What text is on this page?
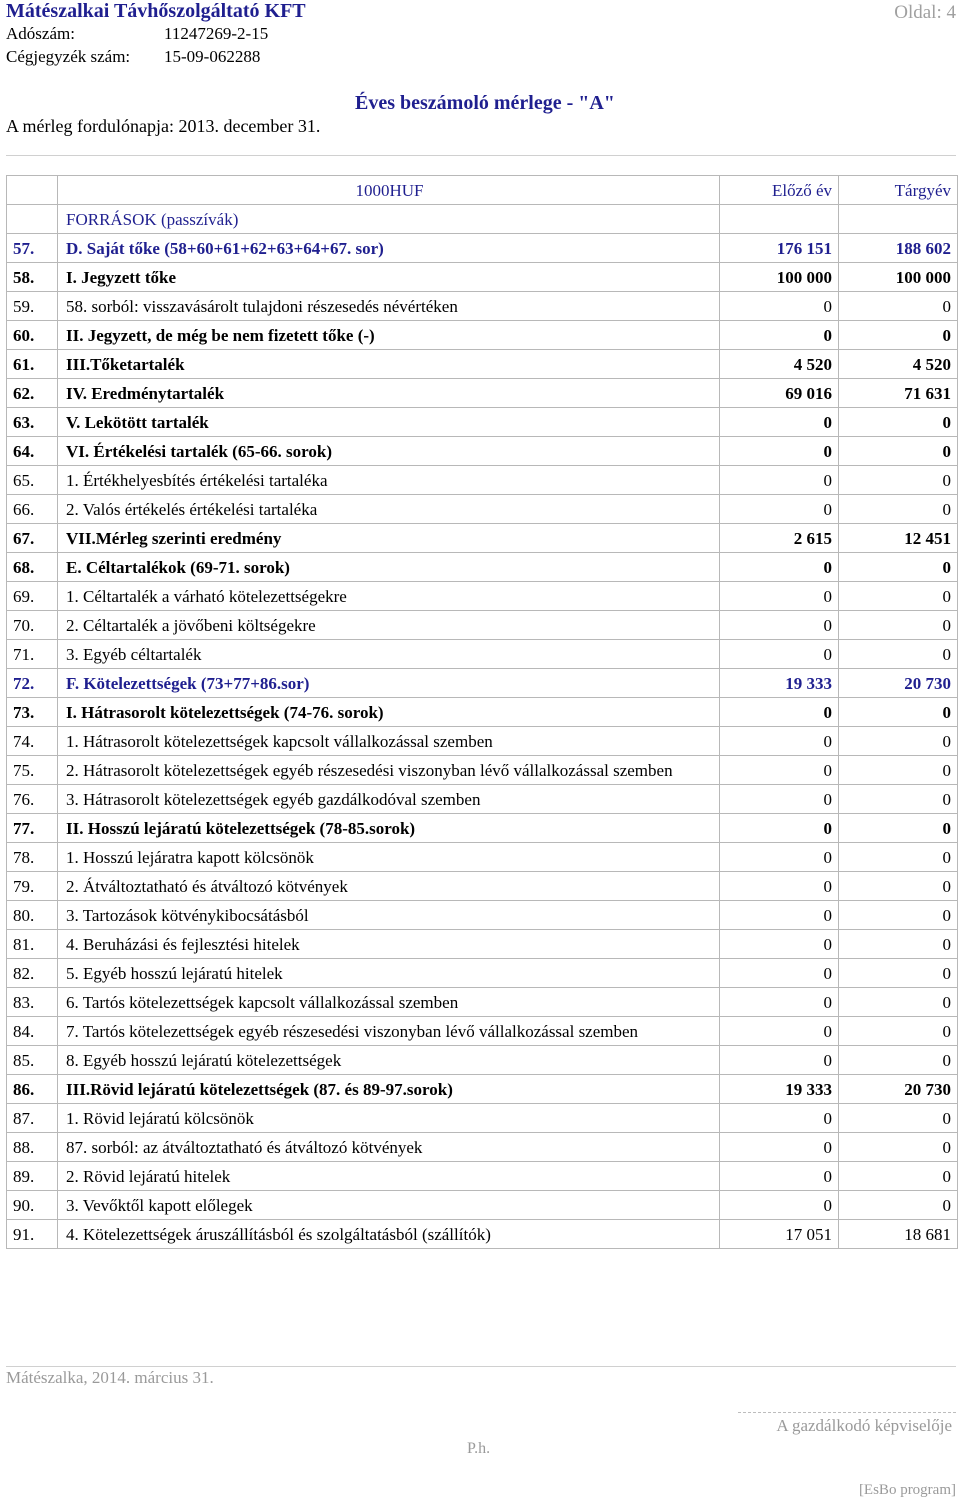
Mátészalkai Távhőszolgáltató KFT	Oldal: 4
Adószám:	11247269-2-15
Cégjegyzék szám: 15-09-062288
Éves beszámoló mérlege - "A"
A mérleg fordulónapja: 2013. december 31.
	1000HUF	Előző év	Tárgyév
	FORRÁSOK (passzívák)		
57.	D. Saját tőke (58+60+61+62+63+64+67. sor)	176 151	188 602
58.	I. Jegyzett tőke	100 000	100 000
59.	58. sorból: visszavásárolt tulajdoni részesedés névértéken	0	0
60.	II. Jegyzett, de még be nem fizetett tőke (-)	0	0
61.	III.Tőketartalék	4 520	4 520
62.	IV. Eredménytartalék	69 016	71 631
63.	V. Lekötött tartalék	0	0
64.	VI. Értékelési tartalék (65-66. sorok)	0	0
65.	1. Értékhelyesbítés értékelési tartaléka	0	0
66.	2. Valós értékelés értékelési tartaléka	0	0
67.	VII.Mérleg szerinti eredmény	2 615	12 451
68.	E. Céltartalékok (69-71. sorok)	0	0
69.	1. Céltartalék a várható kötelezettségekre	0	0
70.	2. Céltartalék a jövőbeni költségekre	0	0
71.	3. Egyéb céltartalék	0	0
72.	F. Kötelezettségek (73+77+86.sor)	19 333	20 730
73.	I. Hátrasorolt kötelezettségek (74-76. sorok)	0	0
74.	1. Hátrasorolt kötelezettségek kapcsolt vállalkozással szemben	0	0
75.	2. Hátrasorolt kötelezettségek egyéb részesedési viszonyban lévő vállalkozással szemben	0	0
76.	3. Hátrasorolt kötelezettségek egyéb gazdálkodóval szemben	0	0
77.	II. Hosszú lejáratú kötelezettségek (78-85.sorok)	0	0
78.	1. Hosszú lejáratra kapott kölcsönök	0	0
79.	2. Átváltoztatható és átváltozó kötvények	0	0
80.	3. Tartozások kötvénykibocsátásból	0	0
81.	4. Beruházási és fejlesztési hitelek	0	0
82.	5. Egyéb hosszú lejáratú hitelek	0	0
83.	6. Tartós kötelezettségek kapcsolt vállalkozással szemben	0	0
84.	7. Tartós kötelezettségek egyéb részesedési viszonyban lévő vállalkozással szemben	0	0
85.	8. Egyéb hosszú lejáratú kötelezettségek	0	0
86.	III.Rövid lejáratú kötelezettségek (87. és 89-97.sorok)	19 333	20 730
87.	1. Rövid lejáratú kölcsönök	0	0
88.	87. sorból: az átváltoztatható és átváltozó kötvények	0	0
89.	2. Rövid lejáratú hitelek	0	0
90.	3. Vevőktől kapott előlegek	0	0
91.	4. Kötelezettségek áruszállításból és szolgáltatásból (szállítók)	17 051	18 681
Mátészalka, 2014. március 31.
A gazdálkodó képviselője
P.h.
[EsBo program]
